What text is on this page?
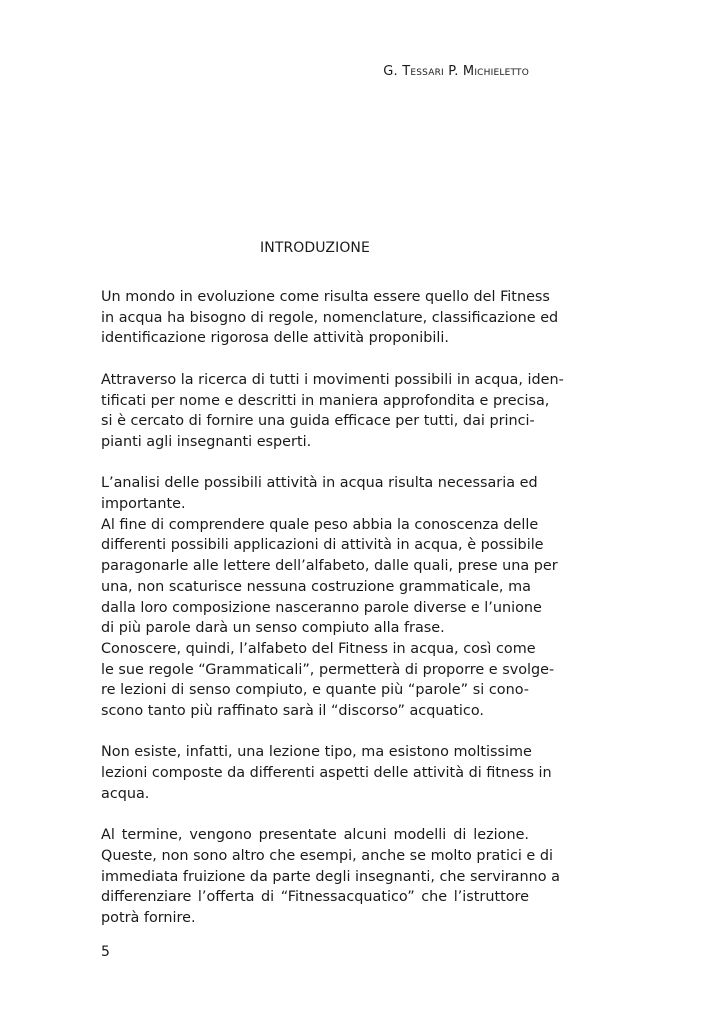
G. Tessari P. Michieletto
INTRODUZIONE
Un mondo in evoluzione come risulta essere quello del Fitness
in acqua ha bisogno di regole, nomenclature, classificazione ed
identificazione rigorosa delle attività proponibili.
Attraverso la ricerca di tutti i movimenti possibili in acqua, iden-
tificati per nome e descritti in maniera approfondita e precisa,
si è cercato di fornire una guida efficace per tutti, dai princi-
pianti agli insegnanti esperti.
L’analisi delle possibili attività in acqua risulta necessaria ed
importante.
Al fine di comprendere quale peso abbia la conoscenza delle
differenti possibili applicazioni di attività in acqua, è possibile
paragonarle alle lettere dell’alfabeto, dalle quali, prese una per
una, non scaturisce nessuna costruzione grammaticale, ma
dalla loro composizione nasceranno parole diverse e l’unione
di più parole darà un senso compiuto alla frase.
Conoscere, quindi, l’alfabeto del Fitness in acqua, così come
le sue regole “Grammaticali”, permetterà di proporre e svolge-
re lezioni di senso compiuto, e quante più “parole” si cono-
scono tanto più raffinato sarà il “discorso” acquatico.
Non esiste, infatti, una lezione tipo, ma esistono moltissime
lezioni composte da differenti aspetti delle attività di fitness in
acqua.
Al termine, vengono presentate alcuni modelli di lezione.
Queste, non sono altro che esempi, anche se molto pratici e di
immediata fruizione da parte degli insegnanti, che serviranno a
differenziare l’offerta di “Fitnessacquatico” che l’istruttore
potrà fornire.
5
